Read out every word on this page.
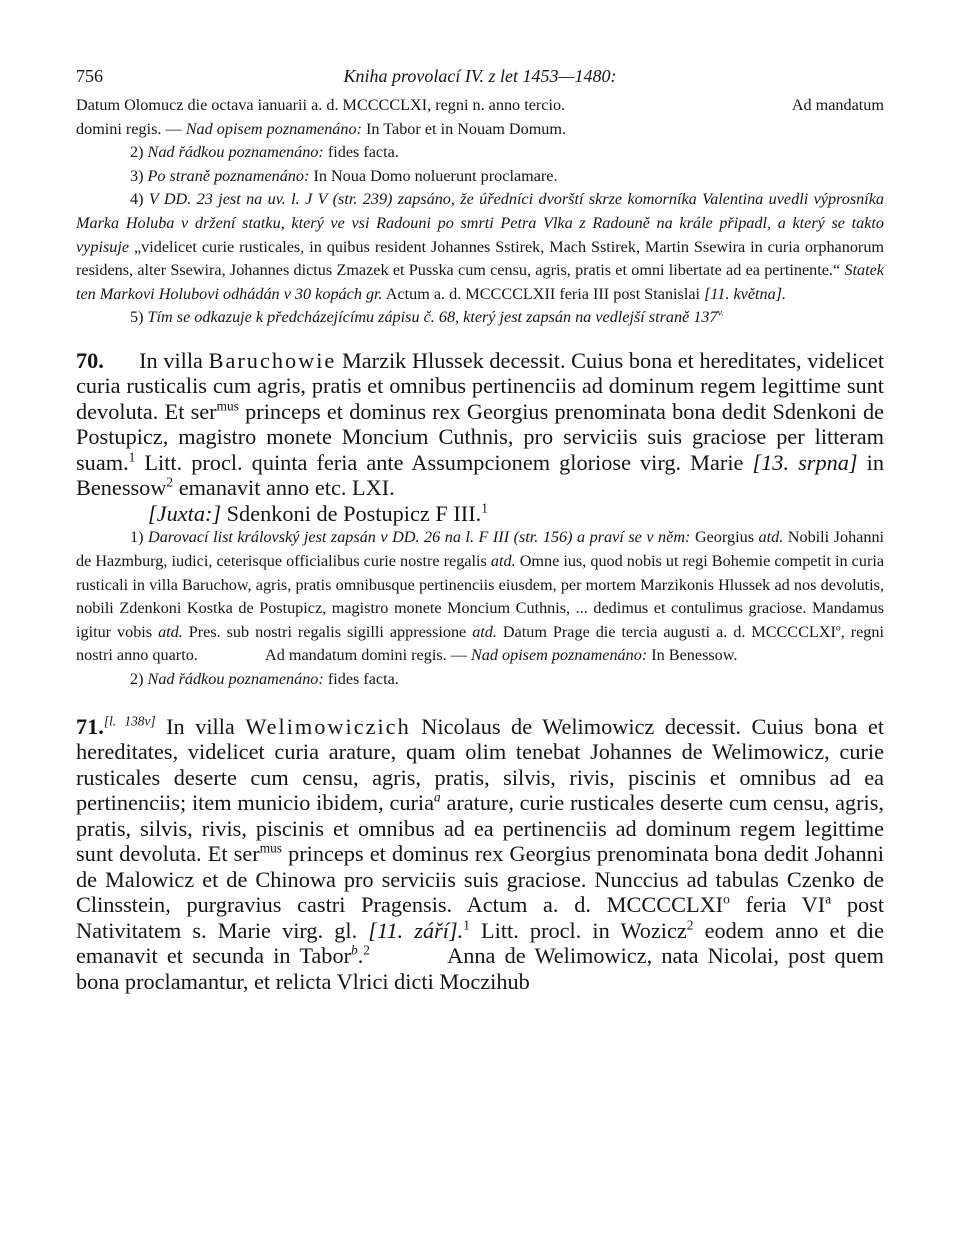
756	Kniha provolací IV. z let 1453—1480:

Datum Olomucz die octava ianuarii a. d. MCCCCLXI, regni n. anno tercio.	Ad mandatum

domini regis. — Nad opisem poznamenáno: In Tabor et in Nouam Domum.

2) Nad řádkou poznamenáno: fides facta.

3) Po straně poznamenáno: In Noua Domo noluerunt proclamare.

4) V DD. 23 jest na uv. l. J V (str. 239) zapsáno, že úředníci dvorští skrze komorníka Valentina uvedli výprosníka Marka Holuba v držení statku, který ve vsi Radouni po smrti Petra Vlka z Radouně na krále připadl, a který se takto vypisuje „videlicet curie rusticales, in quibus resident Johannes Sstirek, Mach Sstirek, Martin Ssewira in curia orphanorum residens, alter Ssewira, Johannes dictus Zmazek et Pusska cum censu, agris, pratis et omni libertate ad ea pertinente.“ Statek ten Markovi Holubovi odhádán v 30 kopách gr. Actum a. d. MCCCCLXII feria III post Stanislai [11. května].

5) Tím se odkazuje k předcházejícímu zápisu č. 68, který jest zapsán na vedlejší straně $137^{v.}$

70. In villa Baruchowie Marzik Hlussek decessit. Cuius bona et hereditates, videlicet curia rusticalis cum agris, pratis et omnibus pertinenciis ad dominum regem legittime sunt devoluta. Et ser$^{mus}$ princeps et dominus rex Georgius prenominata bona dedit Sdenkoni de Postupicz, magistro monete Moncium Cuthnis, pro serviciis suis graciose per litteram suam.$^1$ Litt. procl. quinta feria ante Assumpcionem gloriose virg. Marie [13. srpna] in Benessow$^2$ emanavit anno etc. LXI.

[Juxta:] Sdenkoni de Postupicz F III.$^1$

1) Darovací list královský jest zapsán v DD. 26 na l. F III (str. 156) a praví se v něm: Georgius atd. Nobili Johanni de Hazmburg, iudici, ceterisque officialibus curie nostre regalis atd. Omne ius, quod nobis ut regi Bohemie competit in curia rusticali in villa Baruchow, agris, pratis omnibusque pertinenciis eiusdem, per mortem Marzikonis Hlussek ad nos devolutis, nobili Zdenkoni Kostka de Postupicz, magistro monete Moncium Cuthnis, ... dedimus et contulimus graciose. Mandamus igitur vobis atd. Pres. sub nostri regalis sigilli appressione atd. Datum Prage die tercia augusti a. d. MCCCCLXI$^o$, regni nostri anno quarto.	Ad mandatum domini regis. — Nad opisem poznamenáno: In Benessow.

2) Nad řádkou poznamenáno: fides facta.

71.[l. 138v] In villa Welimowiczich Nicolaus de Welimowicz decessit. Cuius bona et hereditates, videlicet curia arature, quam olim tenebat Johannes de Welimowicz, curie rusticales deserte cum censu, agris, pratis, silvis, rivis, piscinis et omnibus ad ea pertinenciis; item municio ibidem, curia$^a$ arature, curie rusticales deserte cum censu, agris, pratis, silvis, rivis, piscinis et omnibus ad ea pertinenciis ad dominum regem legittime sunt devoluta. Et ser$^{mus}$ princeps et dominus rex Georgius prenominata bona dedit Johanni de Malowicz et de Chinowa pro serviciis suis graciose. Nunccius ad tabulas Czenko de Clinsstein, purgravius castri Pragensis. Actum a. d. MCCCCLXI$^o$ feria $VI^a$ post Nativitatem s. Marie virg. gl. [11. září].$^1$ Litt. procl. in Wozicz$^2$ eodem anno et die emanavit et secunda in Tabor$^b$.$^2$	Anna de Welimowicz, nata Nicolai, post quem bona proclamantur, et relicta Vlrici dicti Moczihub
